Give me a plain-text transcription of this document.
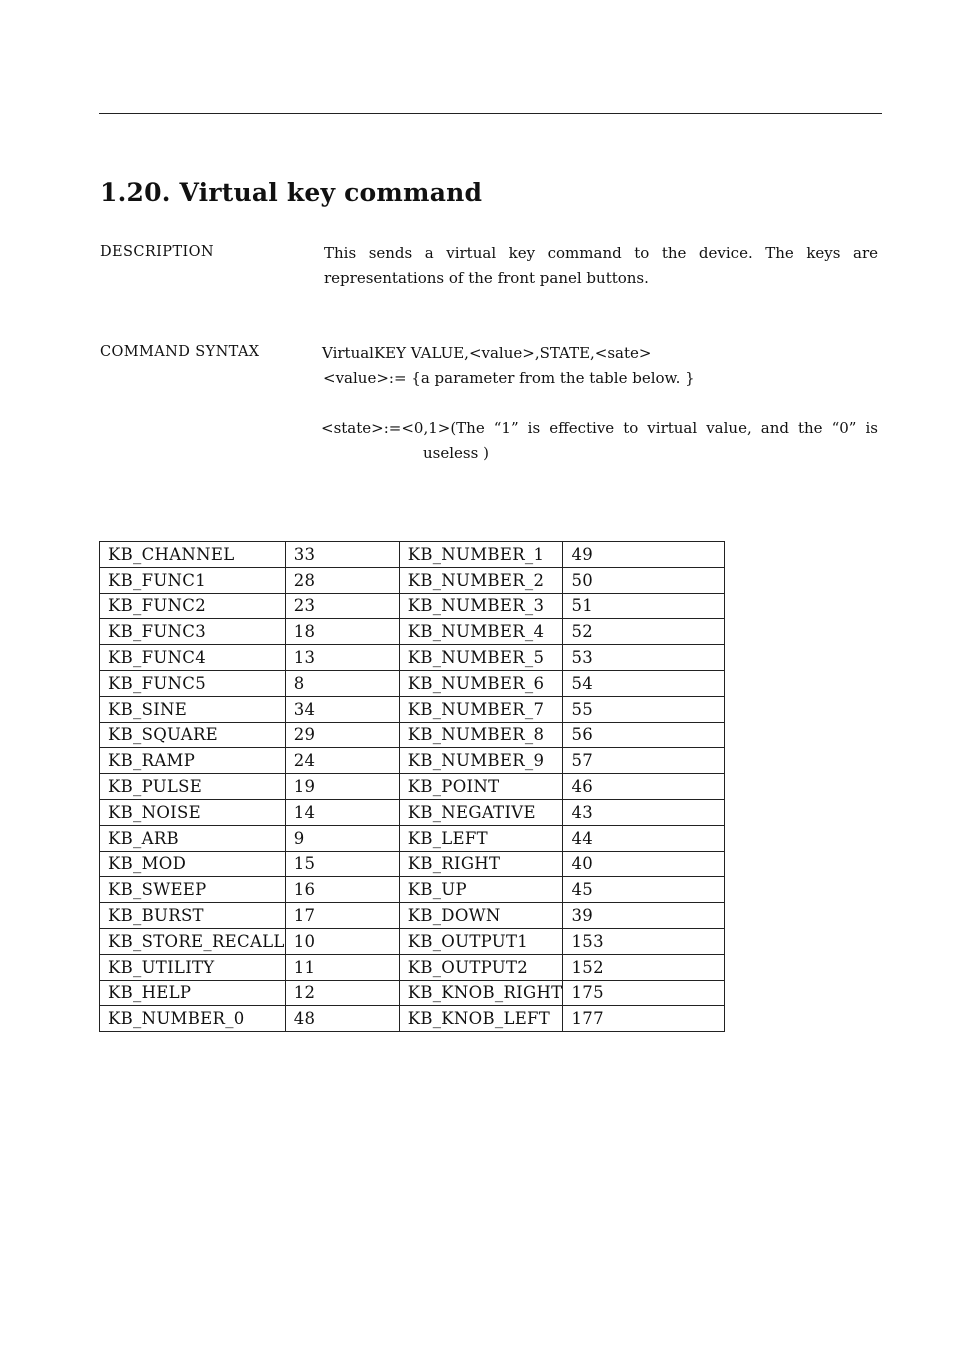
1.20. Virtual key command
DESCRIPTION	This sends a virtual key command to the device. The keys are representations of the front panel buttons.
COMMAND SYNTAX	VirtualKEY VALUE,<value>,STATE,<sate>
<value>:= {a parameter from the table below. }
<state>:=<0,1>(The “1” is effective to virtual value, and the “0” is
useless )
KB_CHANNEL	33	KB_NUMBER_1	49
KB_FUNC1	28	KB_NUMBER_2	50
KB_FUNC2	23	KB_NUMBER_3	51
KB_FUNC3	18	KB_NUMBER_4	52
KB_FUNC4	13	KB_NUMBER_5	53
KB_FUNC5	8	KB_NUMBER_6	54
KB_SINE	34	KB_NUMBER_7	55
KB_SQUARE	29	KB_NUMBER_8	56
KB_RAMP	24	KB_NUMBER_9	57
KB_PULSE	19	KB_POINT	46
KB_NOISE	14	KB_NEGATIVE	43
KB_ARB	9	KB_LEFT	44
KB_MOD	15	KB_RIGHT	40
KB_SWEEP	16	KB_UP	45
KB_BURST	17	KB_DOWN	39
KB_STORE_RECALL	10	KB_OUTPUT1	153
KB_UTILITY	11	KB_OUTPUT2	152
KB_HELP	12	KB_KNOB_RIGHT	175
KB_NUMBER_0	48	KB_KNOB_LEFT	177
